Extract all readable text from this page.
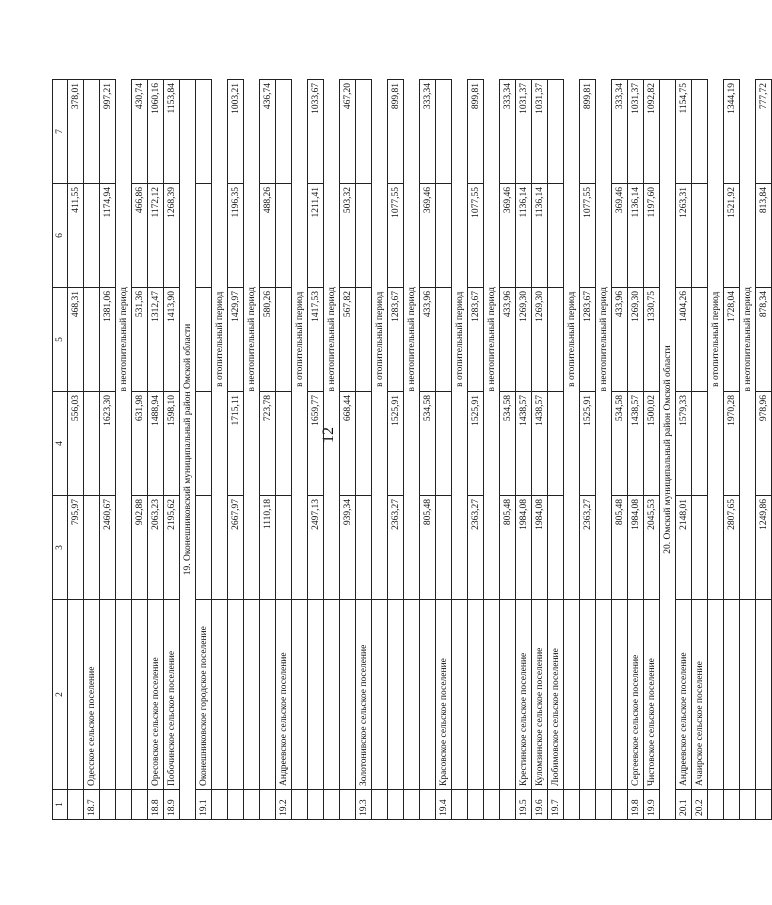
12
1	2	3	4	5	6	7
		795,97	556,03	468,31	411,55	378,01
18.7	Одесское сельское поселение					
		2460,67	1623,30	1381,06	1174,94	997,21
		в неотопительный период				
		902,88	631,98	531,36	466,86	430,74
18.8	Оресовское сельское поселение	2063,23	1488,94	1312,47	1172,12	1060,16
18.9	Побочинское сельское поселение	2195,62	1598,10	1413,90	1268,39	1153,84
19. Оконешниковский муниципальный район Омской области						
19.1	Оконешниковское городское поселение					
		в отопительный период				
		2667,97	1715,11	1429,97	1196,35	1003,21
		в неотопительный период				
		1110,18	723,78	580,26	488,26	436,74
19.2	Андреевское сельское поселение					
		в отопительный период				
		2497,13	1659,77	1417,53	1211,41	1033,67
		в неотопительный период				
		939,34	668,44	567,82	503,32	467,20
19.3	Золотонивское сельское поселение					
		в отопительный период				
		2363,27	1525,91	1283,67	1077,55	899,81
		в неотопительный период				
		805,48	534,58	433,96	369,46	333,34
19.4	Красовское сельское поселение					
		в отопительный период				
		2363,27	1525,91	1283,67	1077,55	899,81
		в неотопительный период				
		805,48	534,58	433,96	369,46	333,34
19.5	Крестинское сельское поселение	1984,08	1438,57	1269,30	1136,14	1031,37
19.6	Куломзинское сельское поселение	1984,08	1438,57	1269,30	1136,14	1031,37
19.7	Любимовское сельское поселение					
		в отопительный период				
		2363,27	1525,91	1283,67	1077,55	899,81
		в неотопительный период				
		805,48	534,58	433,96	369,46	333,34
19.8	Сергеевское сельское поселение	1984,08	1438,57	1269,30	1136,14	1031,37
19.9	Чистовское сельское поселение	2045,53	1500,02	1330,75	1197,60	1092,82
20. Омский муниципальный район Омской области						
20.1	Андреевское сельское поселение	2148,01	1579,33	1404,26	1263,31	1154,75
20.2	Ачаирское сельское поселение					
		в отопительный период				
		2807,65	1970,28	1728,04	1521,92	1344,19
		в неотопительный период				
		1249,86	978,96	878,34	813,84	777,72
